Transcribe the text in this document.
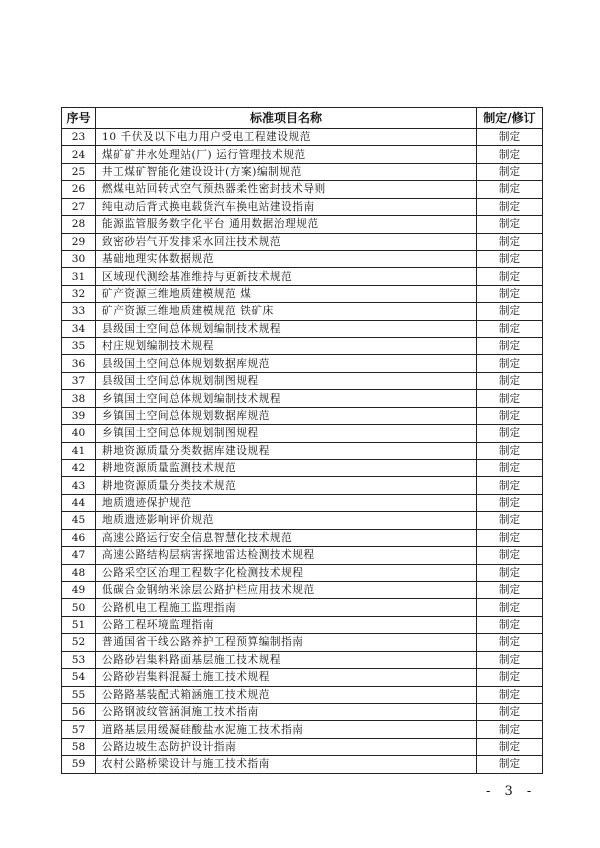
序号	标准项目名称	制定/修订
23	10 千伏及以下电力用户受电工程建设规范	制定
24	煤矿矿井水处理站(厂) 运行管理技术规范	制定
25	井工煤矿智能化建设设计(方案)编制规范	制定
26	燃煤电站回转式空气预热器柔性密封技术导则	制定
27	纯电动后背式换电载货汽车换电站建设指南	制定
28	能源监管服务数字化平台 通用数据治理规范	制定
29	致密砂岩气开发排采水回注技术规范	制定
30	基础地理实体数据规范	制定
31	区域现代测绘基准维持与更新技术规范	制定
32	矿产资源三维地质建模规范 煤	制定
33	矿产资源三维地质建模规范 铁矿床	制定
34	县级国土空间总体规划编制技术规程	制定
35	村庄规划编制技术规程	制定
36	县级国土空间总体规划数据库规范	制定
37	县级国土空间总体规划制图规程	制定
38	乡镇国土空间总体规划编制技术规程	制定
39	乡镇国土空间总体规划数据库规范	制定
40	乡镇国土空间总体规划制图规程	制定
41	耕地资源质量分类数据库建设规程	制定
42	耕地资源质量监测技术规范	制定
43	耕地资源质量分类技术规范	制定
44	地质遗迹保护规范	制定
45	地质遗迹影响评价规范	制定
46	高速公路运行安全信息智慧化技术规范	制定
47	高速公路结构层病害探地雷达检测技术规程	制定
48	公路采空区治理工程数字化检测技术规程	制定
49	低碳合金钢纳米涂层公路护栏应用技术规范	制定
50	公路机电工程施工监理指南	制定
51	公路工程环境监理指南	制定
52	普通国省干线公路养护工程预算编制指南	制定
53	公路砂岩集料路面基层施工技术规程	制定
54	公路砂岩集料混凝土施工技术规程	制定
55	公路路基装配式箱涵施工技术规范	制定
56	公路钢波纹管涵洞施工技术指南	制定
57	道路基层用缓凝硅酸盐水泥施工技术指南	制定
58	公路边坡生态防护设计指南	制定
59	农村公路桥梁设计与施工技术指南	制定
- 3 -
